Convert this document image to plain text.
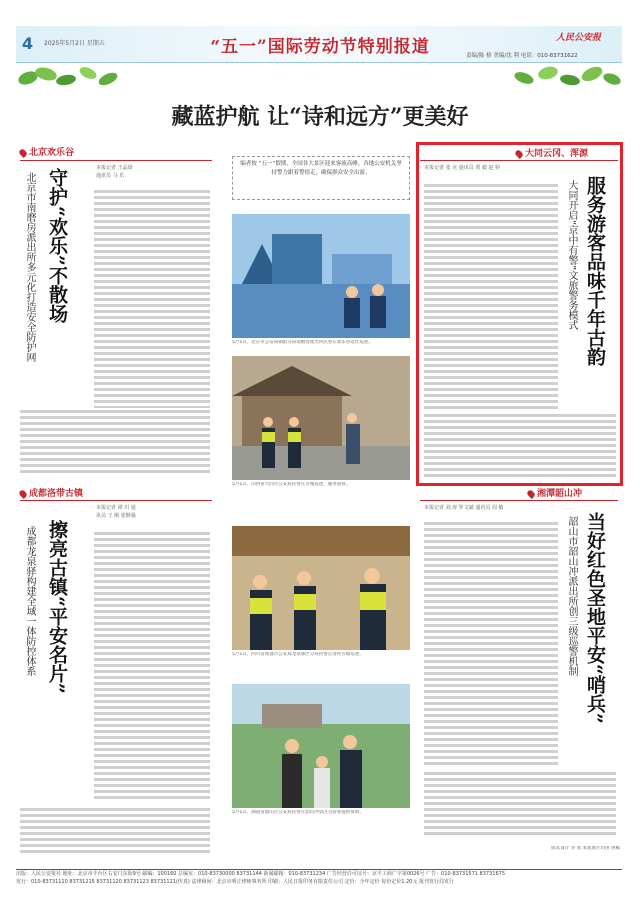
4 2025年5月2日 星期五	“五一”国际劳动节特别报道	人民公安报
责编/陈 格 美编/沈 利 电话：010-83731622
藏蓝护航 让“诗和远方”更美好
北京欢乐谷
本报记者 王晶琦 通讯员 马 乐
守护“欢乐”不散场
北京市南磨房派出所多元化打造安全防护网
成都洛带古镇
本报记者 谭 川 通讯员 王 刚 张继强
擦亮古镇“平安名片”
成都龙泉驿构建全域一体防控体系
编者按 “五一”假期，全国各大景区迎来客流高峰。各地公安机关坚持警力跟着警情走，确保群众安全出游。
5月1日，北京市公安局朝阳分局南磨房派出所民警在欢乐谷景区巡逻。
5月1日，山西省大同市公安局民警在古城巡逻，服务游客。
5月1日，四川省成都市公安局龙泉驿区分局民警在洛带古镇巡逻。
5月1日，湖南省韶山市公安局民警在韶山冲景区为游客提供帮助。
大同云冈、浑源
本报记者 张 克 通讯员 贾 毅 赵 婷
服务游客品味千年古韵
大同开启“京中有警”文旅警务模式
湘潭韶山冲
本报记者 刘 涛 罗文斌 通讯员 周 敏
当好红色圣地平安“哨兵”
韶山市韶山冲派出所创三级巡警机制
版式设计 李 欢 本版图片均由 供稿

出版：人民公安报社 地址：北京市丰台区右安门东街9号 邮编：100160 总编室：010-83730000 83731144 新闻邮箱：010-83731234 广告经营许可证号：京丰工商广字第0026号 广告：010-83731571 83731675

发行：010-83731110 83731215 83731120 83731123 83731121(传真) 法律顾问：北京市明正律师事务所 印刷：人民日报印务有限责任公司 定价：全年定价 每份定价1.20元 报刊发行局发行
